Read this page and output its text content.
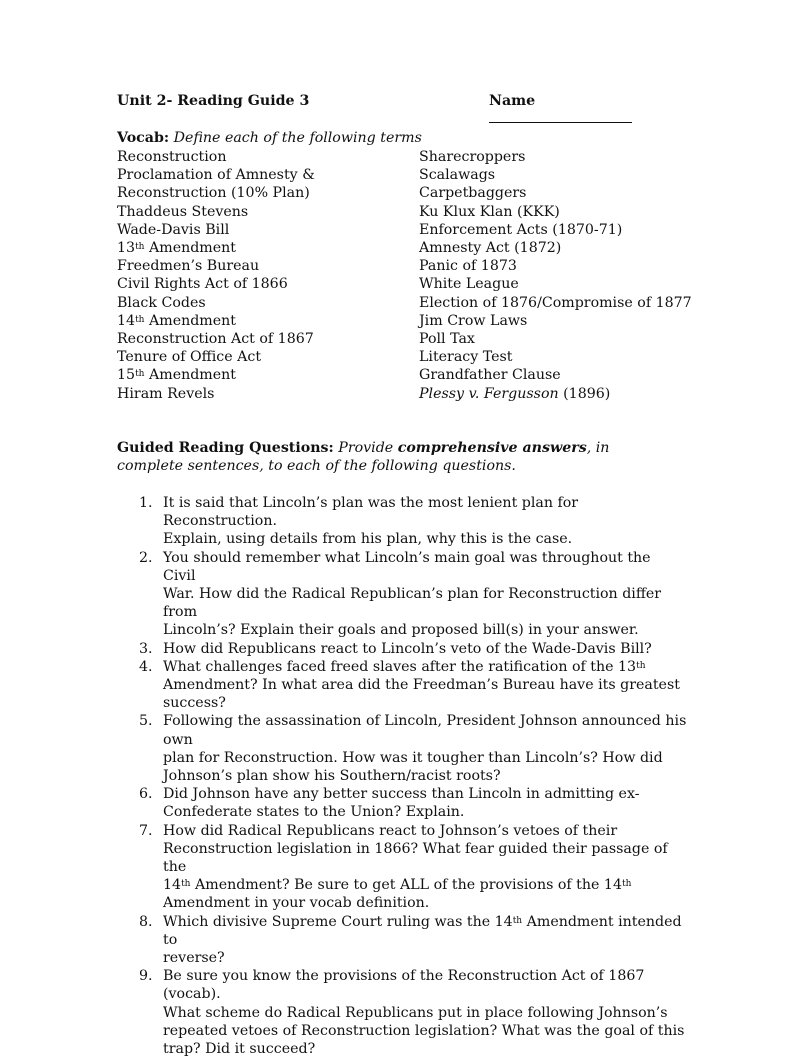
Unit 2- Reading Guide 3	Name
Vocab: Define each of the following terms
Reconstruction
Proclamation of Amnesty &
Reconstruction (10% Plan)
Thaddeus Stevens
Wade-Davis Bill
13th Amendment
Freedmen’s Bureau
Civil Rights Act of 1866
Black Codes
14th Amendment
Reconstruction Act of 1867
Tenure of Office Act
15th Amendment
Hiram Revels
Sharecroppers
Scalawags
Carpetbaggers
Ku Klux Klan (KKK)
Enforcement Acts (1870-71)
Amnesty Act (1872)
Panic of 1873
White League
Election of 1876/Compromise of 1877
Jim Crow Laws
Poll Tax
Literacy Test
Grandfather Clause
Plessy v. Fergusson (1896)
Guided Reading Questions: Provide comprehensive answers, in complete sentences, to each of the following questions.
1. It is said that Lincoln’s plan was the most lenient plan for Reconstruction.
Explain, using details from his plan, why this is the case.
2. You should remember what Lincoln’s main goal was throughout the Civil
War. How did the Radical Republican’s plan for Reconstruction differ from
Lincoln’s? Explain their goals and proposed bill(s) in your answer.
3. How did Republicans react to Lincoln’s veto of the Wade-Davis Bill?
4. What challenges faced freed slaves after the ratification of the 13th
Amendment? In what area did the Freedman’s Bureau have its greatest
success?
5. Following the assassination of Lincoln, President Johnson announced his own
plan for Reconstruction. How was it tougher than Lincoln’s? How did
Johnson’s plan show his Southern/racist roots?
6. Did Johnson have any better success than Lincoln in admitting ex-
Confederate states to the Union? Explain.
7. How did Radical Republicans react to Johnson’s vetoes of their
Reconstruction legislation in 1866? What fear guided their passage of the
14th Amendment? Be sure to get ALL of the provisions of the 14th
Amendment in your vocab definition.
8. Which divisive Supreme Court ruling was the 14th Amendment intended to
reverse?
9. Be sure you know the provisions of the Reconstruction Act of 1867 (vocab).
What scheme do Radical Republicans put in place following Johnson’s
repeated vetoes of Reconstruction legislation? What was the goal of this
trap? Did it succeed?
